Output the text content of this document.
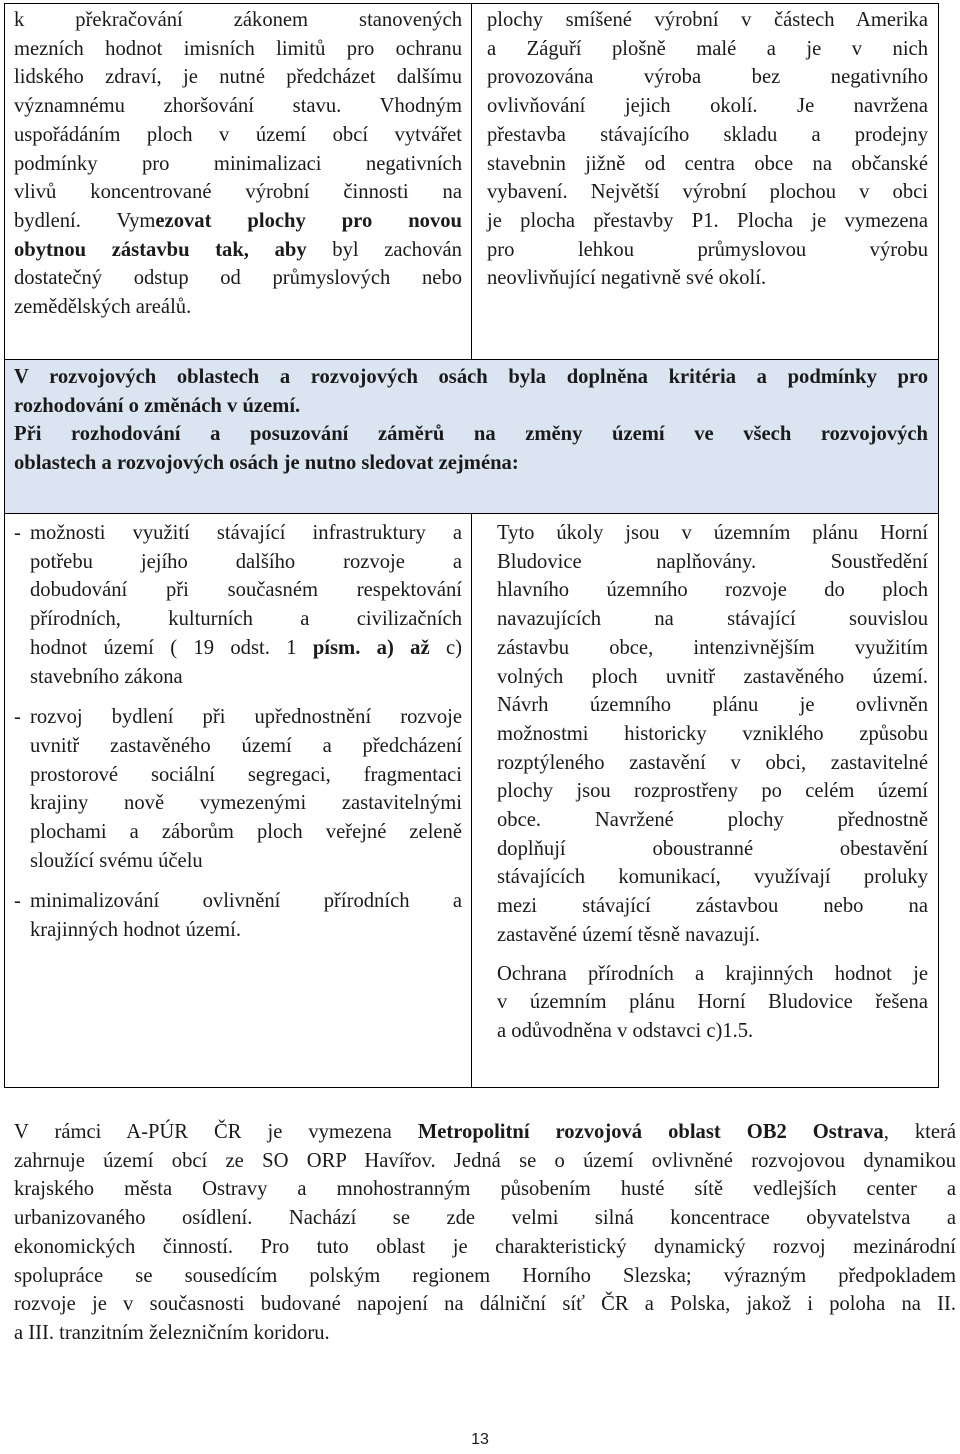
k překračování zákonem stanovených
mezních hodnot imisních limitů pro ochranu
lidského zdraví, je nutné předcházet dalšímu
významnému zhoršování stavu. Vhodným
uspořádáním ploch v území obcí vytvářet
podmínky pro minimalizaci negativních
vlivů koncentrované výrobní činnosti na
bydlení. Vymezovat plochy pro novou
obytnou zástavbu tak, aby byl zachován
dostatečný odstup od průmyslových nebo
zemědělských areálů.
plochy smíšené výrobní v částech Amerika
a Záguří plošně malé a je v nich
provozována výroba bez negativního
ovlivňování jejich okolí. Je navržena
přestavba stávajícího skladu a prodejny
stavebnin jižně od centra obce na občanské
vybavení. Největší výrobní plochou v obci
je plocha přestavby P1. Plocha je vymezena
pro lehkou průmyslovou výrobu
neovlivňující negativně své okolí.
V rozvojových oblastech a rozvojových osách byla doplněna kritéria a podmínky pro
rozhodování o změnách v území.
Při rozhodování a posuzování záměrů na změny území ve všech rozvojových
oblastech a rozvojových osách je nutno sledovat zejména:
- možnosti využití stávající infrastruktury a
potřebu jejího dalšího rozvoje a
dobudování při současném respektování
přírodních, kulturních a civilizačních
hodnot území ( 19 odst. 1 písm. a) až c)
stavebního zákona
- rozvoj bydlení při upřednostnění rozvoje
uvnitř zastavěného území a předcházení
prostorové sociální segregaci, fragmentaci
krajiny nově vymezenými zastavitelnými
plochami a záborům ploch veřejné zeleně
sloužící svému účelu
- minimalizování ovlivnění přírodních a
krajinných hodnot území.
Tyto úkoly jsou v územním plánu Horní
Bludovice naplňovány. Soustředění
hlavního územního rozvoje do ploch
navazujících na stávající souvislou
zástavbu obce, intenzivnějším využitím
volných ploch uvnitř zastavěného území.
Návrh územního plánu je ovlivněn
možnostmi historicky vzniklého způsobu
rozptýleného zastavění v obci, zastavitelné
plochy jsou rozprostřeny po celém území
obce. Navržené plochy přednostně
doplňují oboustranné obestavění
stávajících komunikací, využívají proluky
mezi stávající zástavbou nebo na
zastavěné území těsně navazují.
Ochrana přírodních a krajinných hodnot je
v územním plánu Horní Bludovice řešena
a odůvodněna v odstavci c)1.5.
V rámci A-PÚR ČR je vymezena Metropolitní rozvojová oblast OB2 Ostrava, která
zahrnuje území obcí ze SO ORP Havířov. Jedná se o území ovlivněné rozvojovou dynamikou
krajského města Ostravy a mnohostranným působením husté sítě vedlejších center a
urbanizovaného osídlení. Nachází se zde velmi silná koncentrace obyvatelstva a
ekonomických činností. Pro tuto oblast je charakteristický dynamický rozvoj mezinárodní
spolupráce se sousedícím polským regionem Horního Slezska; výrazným předpokladem
rozvoje je v současnosti budované napojení na dálniční síť ČR a Polska, jakož i poloha na II.
a III. tranzitním železničním koridoru.
13
